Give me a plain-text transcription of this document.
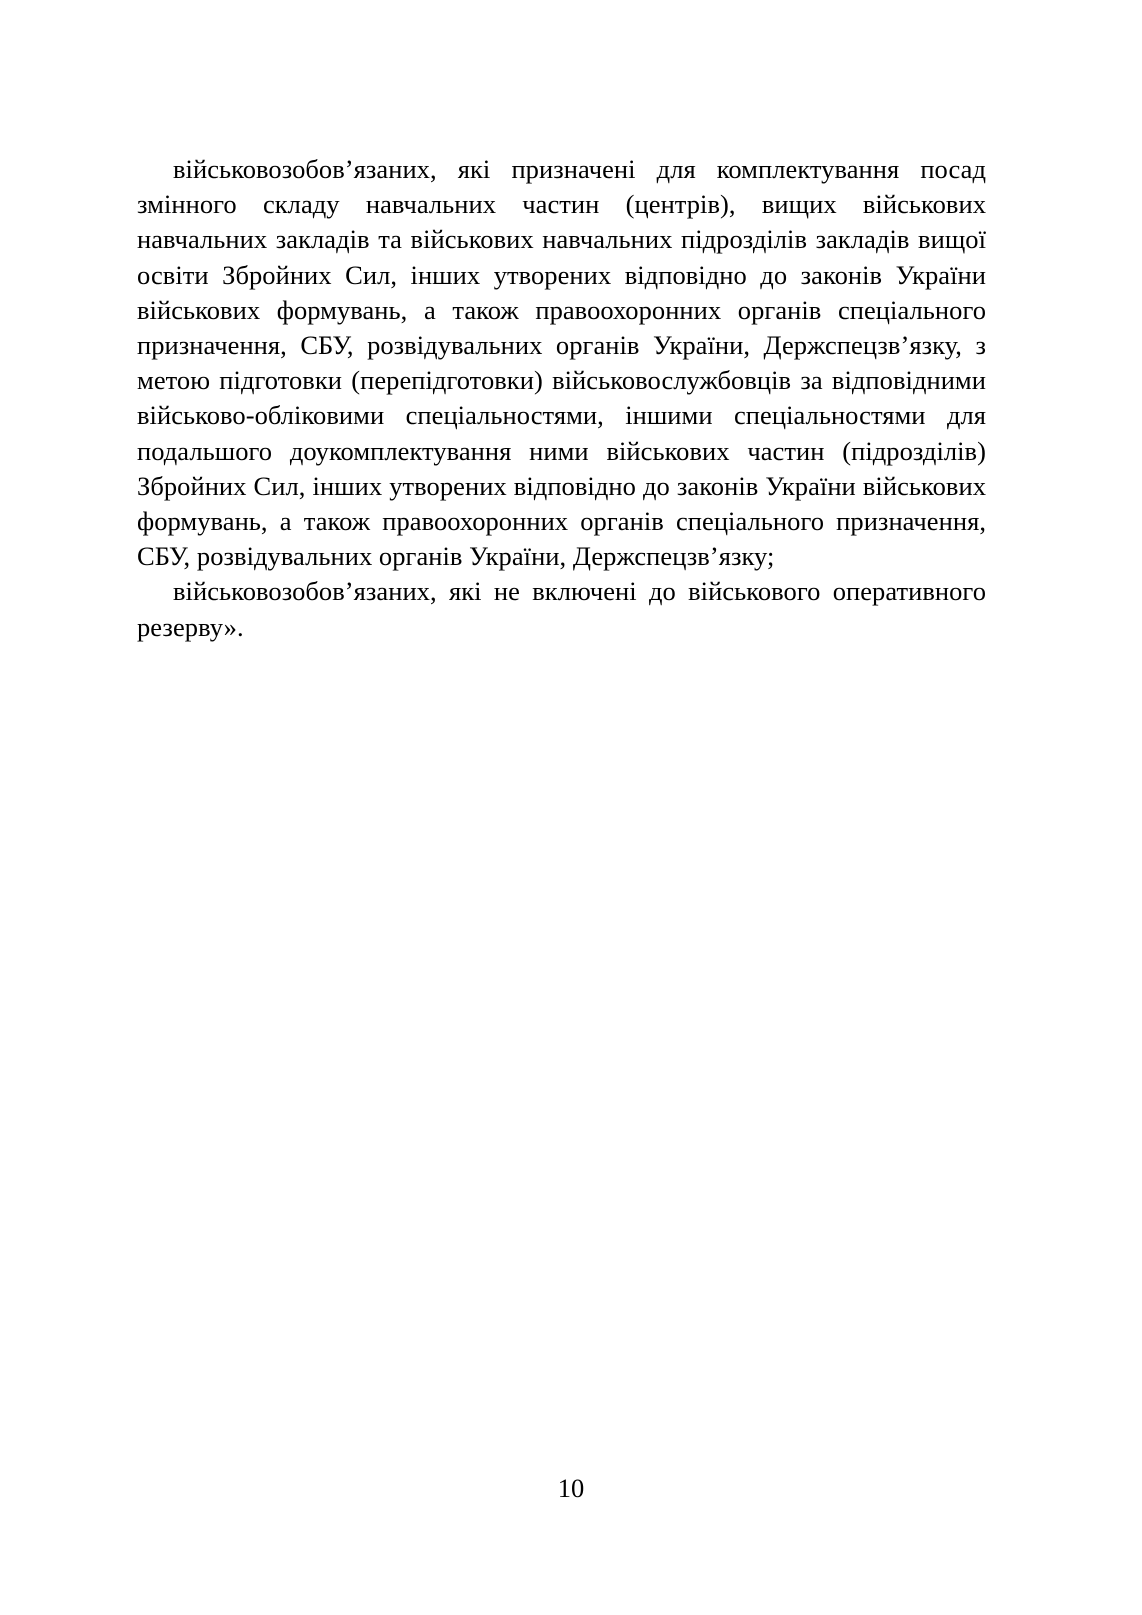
військовозобов’язаних, які призначені для комплектування посад змінного складу навчальних частин (центрів), вищих військових навчальних закладів та військових навчальних підрозділів закладів вищої освіти Збройних Сил, інших утворених відповідно до законів України військових формувань, а також правоохоронних органів спеціального призначення, СБУ, розвідувальних органів України, Держспецзв’язку, з метою підготовки (перепідготовки) військовослужбовців за відповідними військово-обліковими спеціальностями, іншими спеціальностями для подальшого доукомплектування ними військових частин (підрозділів) Збройних Сил, інших утворених відповідно до законів України військових формувань, а також правоохоронних органів спеціального призначення, СБУ, розвідувальних органів України, Держспецзв’язку;

військовозобов’язаних, які не включені до військового оперативного резерву».

10
